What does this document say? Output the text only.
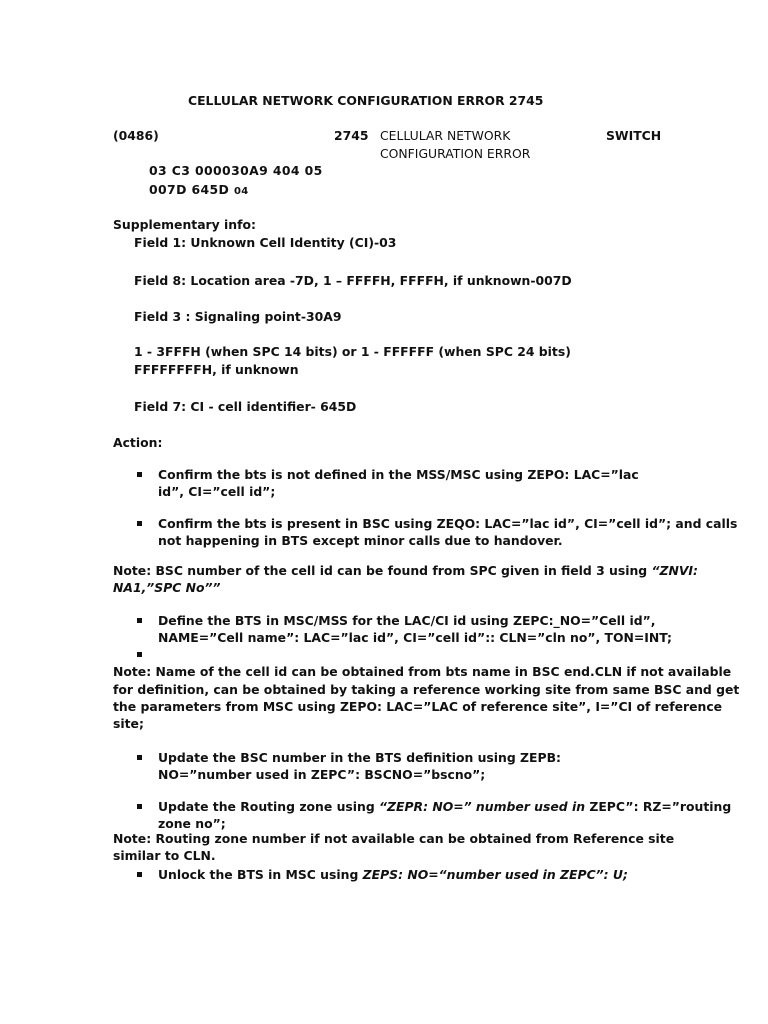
CELLULAR NETWORK CONFIGURATION ERROR 2745
(0486)	2745 CELLULAR NETWORK
CONFIGURATION ERROR
SWITCH
03 C3 000030A9 404 05
007D 645D 04
Supplementary info:
Field 1: Unknown Cell Identity (CI)-03
Field 8: Location area -7D, 1 – FFFFH, FFFFH, if unknown-007D
Field 3 : Signaling point-30A9
1 - 3FFFH (when SPC 14 bits) or 1 - FFFFFF (when SPC 24 bits)
FFFFFFFFH, if unknown
Field 7: CI - cell identifier- 645D
Action:
Confirm the bts is not defined in the MSS/MSC using ZEPO: LAC=”lac
id”, CI=”cell id”;
Confirm the bts is present in BSC using ZEQO: LAC=”lac id”, CI=”cell id”; and calls
not happening in BTS except minor calls due to handover.
Note: BSC number of the cell id can be found from SPC given in field 3 using “ZNVI:
NA1,”SPC No””
Define the BTS in MSC/MSS for the LAC/CI id using ZEPC:_NO=”Cell id”,
NAME=”Cell name”: LAC=”lac id”, CI=”cell id”:: CLN=”cln no”, TON=INT;
Note: Name of the cell id can be obtained from bts name in BSC end.CLN if not available
for definition, can be obtained by taking a reference working site from same BSC and get
the parameters from MSC using ZEPO: LAC=”LAC of reference site”, I=”CI of reference
site;
Update the BSC number in the BTS definition using ZEPB:
NO=”number used in ZEPC”: BSCNO=”bscno”;
Update the Routing zone using “ZEPR: NO=” number used in ZEPC”: RZ=”routing
zone no”;
Note: Routing zone number if not available can be obtained from Reference site
similar to CLN.
Unlock the BTS in MSC using ZEPS: NO=“number used in ZEPC”: U;
